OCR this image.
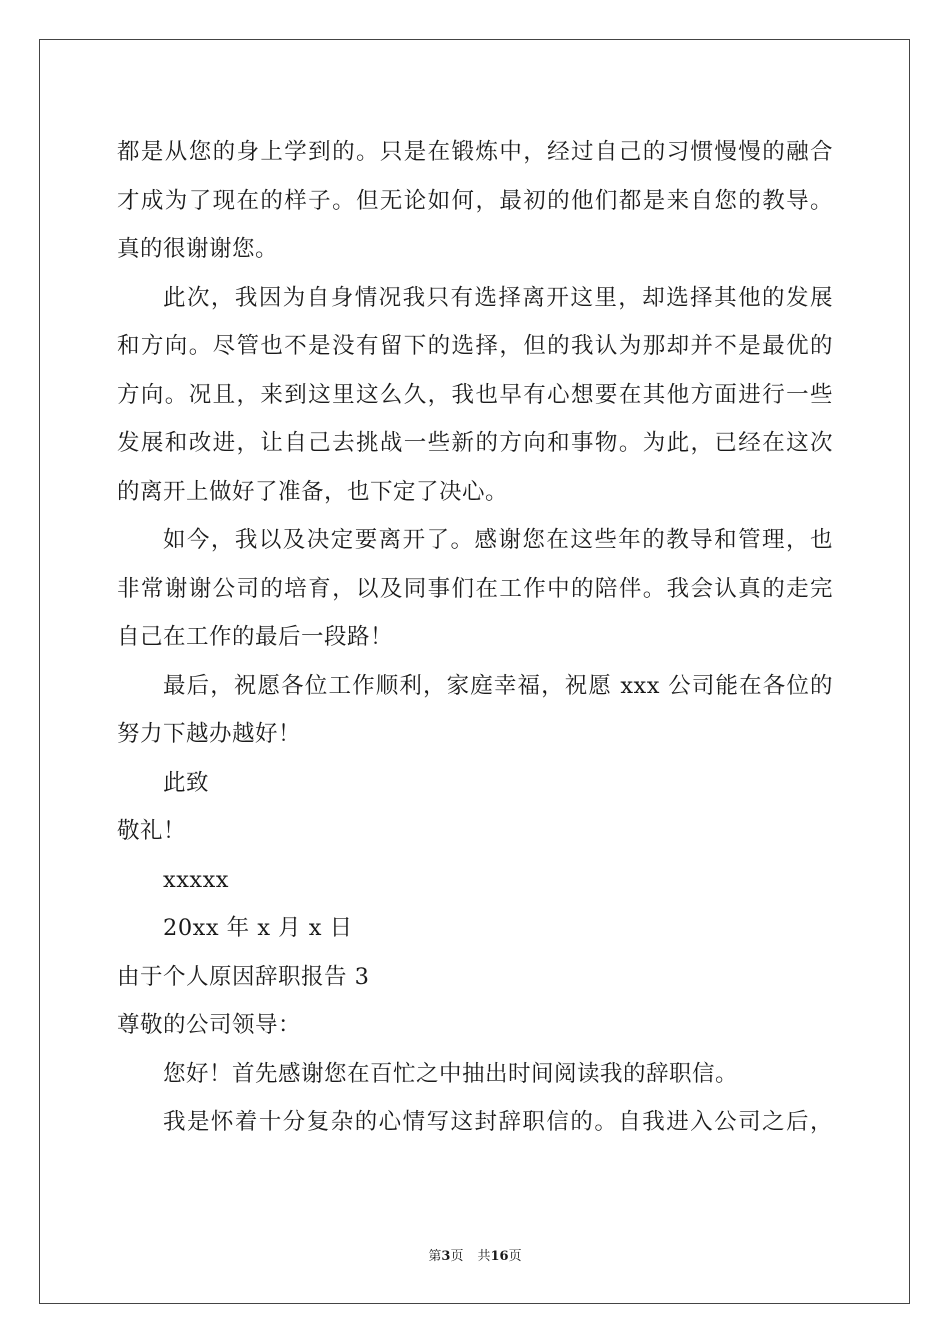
都是从您的身上学到的。只是在锻炼中，经过自己的习惯慢慢的融合
才成为了现在的样子。但无论如何，最初的他们都是来自您的教导。
真的很谢谢您。
此次，我因为自身情况我只有选择离开这里，却选择其他的发展
和方向。尽管也不是没有留下的选择，但的我认为那却并不是最优的
方向。况且，来到这里这么久，我也早有心想要在其他方面进行一些
发展和改进，让自己去挑战一些新的方向和事物。为此，已经在这次
的离开上做好了准备，也下定了决心。
如今，我以及决定要离开了。感谢您在这些年的教导和管理，也
非常谢谢公司的培育，以及同事们在工作中的陪伴。我会认真的走完
自己在工作的最后一段路！
最后，祝愿各位工作顺利，家庭幸福，祝愿 xxx 公司能在各位的
努力下越办越好！
此致
敬礼！
xxxxx
20xx 年 x 月 x 日
由于个人原因辞职报告 3
尊敬的公司领导：
您好！首先感谢您在百忙之中抽出时间阅读我的辞职信。
我是怀着十分复杂的心情写这封辞职信的。自我进入公司之后，
第3页 共16页
